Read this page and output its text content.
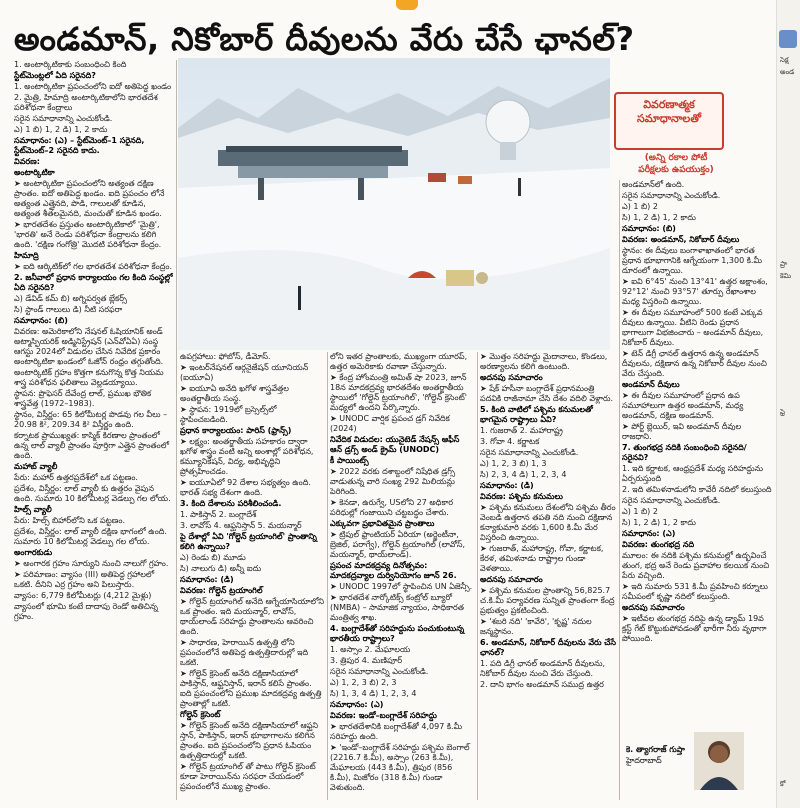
అండమాన్, నికోబార్ దీవులను వేరు చేసే ఛానల్?
వివరణాత్మక
సమాధానాలతో
(అన్ని రకాల పోటీ
పరీక్షలకు ఉపయుక్తం)

1. అంటార్కిటికాకు సంబంధించి కింది

స్టేట్‌మెంట్లలో ఏది సరైనది?

1. అంటార్కిటికా ప్రపంచంలోని ఐదో అతిపెద్ద ఖండం

2. మైత్రి, హిమాద్రి అంటార్కిటికాలోని భారతదేశ పరిశోధనా కేంద్రాలు

సరైన సమాధానాన్ని ఎంచుకోండి.

ఎ) 1 బి) 1, 2 డి) 1, 2 కాదు

సమాధానం: (ఎ) – స్టేట్‌మెంట్–1 సరైనది, స్టేట్‌మెంట్–2 సరైనది కాదు.

వివరణ:

అంటార్కిటికా

➤ అంటార్కిటికా ప్రపంచంలోని అత్యంత దక్షిణ ప్రాంతం. ఐదో అతిపెద్ద ఖండం. ఐది ప్రపంచం లోనే అత్యంత ఎత్తైనది, పొడి, గాలులతో కూడిన, అత్యంత శీతలమైనది, మంచుతో కూడిన ఖండం.

➤ భారతదేశం ప్రస్తుతం అంటార్కిటికాలో 'మైత్రి', 'భారతి' అనే రెండు పరిశోధనా కేంద్రాలను కలిగి ఉంది. 'దక్షిణ గంగోత్రి' మొదటి పరిశోధనా కేంద్రం.

హిమాద్రి

➤ ఐది ఆర్కిటిక్‌లో గల భారతదేశ పరిశోధనా కేంద్రం.

2. జనీవాలో ప్రధాన కార్యాలయం గల కింది సంస్థల్లో ఏది సరైనది?

ఎ) డేవిడ్ కమ్ బి) అగ్నిపర్వత బ్లేకర్స్

సి) స్టాండ్ గాలులు డి) నీటి సరఫరా

సమాధానం: (బి)

వివరణ: అమెరికాలోని నేషనల్ ఓషియానిక్ అండ్ అట్మాస్ఫియరిక్ అడ్మినిస్ట్రేషన్ (ఎన్‌వోఏఏ) సంస్థ ఆగస్టు 2024లో విడుదల చేసిన నివేదిక ప్రకారం అంటార్కిటికా ఖండంలో ఓజోన్ రంధ్రం తగ్గుతోంది.

అంటార్కిటిక్ గ్రహం కొత్తగా కనుగొన్న కొత్త నియమ శాస్త్ర పరిశోధన ఫలితాలు వెల్లడయ్యాయి.

స్థాపన: ప్రొఫెసర్ దేవేంద్ర లాల్, ప్రముఖ భౌతిక శాస్త్రవేత్త (1972–1983).

స్థానం, విస్తీర్ణం: 65 కిలోమీటర్ల పొడవు గల వీలు – 20.98 కి², 209.34 కి² విస్తీర్ణం ఉంది.

కర్నాటక ప్రాముఖ్యత: కాస్మిక్ కిరణాల ప్రాంతంలో ఉన్న లాల్ వ్యాలీ ప్రాంతం పూర్తిగా ఎత్తైన ప్రాంతంలో ఉంది.

మహాబ్ వ్యాలీ

పేరు: మహార్ ఉత్తరప్రదేశ్‌లో ఒక పట్టణం.

ప్రదేశం, విస్తీర్ణం: లాల్ వ్యాలీ కు ఉత్తరం వైపున ఉంది. సుమారు 10 కిలోమీటర్ల వెడల్పు గల లోయ.

హిల్స్ వ్యాలీ

పేరు: హిల్స్‌ బిహార్‌లోని ఒక పట్టణం.

ప్రదేశం, విస్తీర్ణం: లాల్ వ్యాలీ దక్షిణ భాగంలో ఉంది. సుమారు 10 కిలోమీటర్ల వెడల్పు గల లోయ.

అంగారకుడు

➤ అంగారక గ్రహం సూర్యుని నుంచి నాలుగో గ్రహం.

➤ పరిమాణం: వ్యాసం (III) అతిపెద్ద గ్రహాలలో ఒకటి. దీనిని ఎర్ర గ్రహం అని పిలుస్తారు.

వ్యాసం: 6,779 కిలోమీటర్లు (4,212 మైళ్లు)

వ్యాసంలో భూమి కంటే దాదాపు రెండో అతిచిన్న గ్రహం.

ఉపగ్రహాలు: ఫోబోస్, డీమోస్.

➤ ఇంటర్‌నేషనల్ ఆర్గనైజేషన్ యూనియన్ (ఐయూఏ)

➤ ఐయూఏ అనేది ఖగోళ శాస్త్రవేత్తల అంతర్జాతీయ సంస్థ.

➤ స్థాపన: 1919లో బ్రస్సెల్స్‌లో స్థాపించబడింది.

ప్రధాన కార్యాలయం: పారిస్ (ఫ్రాన్స్)

➤ లక్ష్యం: అంతర్జాతీయ సహకారం ద్వారా ఖగోళ శాస్త్రం వంటి అన్ని అంశాల్లో పరిశోధన, కమ్యూనికేషన్, విద్య, అభివృద్ధిని ప్రోత్సహించడం.

➤ ఐయూఏలో 92 దేశాల సభ్యత్వం ఉంది. భారత్ సభ్య దేశంగా ఉంది.

3. కింది దేశాలను పరిశీలించండి.

1. పాకిస్తాన్ 2. బంగ్లాదేశ్

3. లావోస్ 4. ఆఫ్ఘనిస్తాన్ 5. మయన్మార్

పై దేశాల్లో ఏవి 'గోల్డెన్ ట్రయాంగిల్' ప్రాంతాన్ని కలిగి ఉన్నాయి?

ఎ) రెండు బి) మూడు

సి) నాలుగు డి) అన్నీ ఐదు

సమాధానం: (డి)

వివరణ: గోల్డెన్ ట్రయాంగిల్

➤ గోల్డెన్ ట్రయాంగిల్ అనేది ఆగ్నేయాసియాలోని ఒక ప్రాంతం. ఇది మయన్మార్, లావోస్, థాయ్‌లాండ్‌ సరిహద్దు ప్రాంతాలను ఆవరించి ఉంది.

➤ సాధారణ, హెరాయిన్ ఉత్పత్తి లోని ప్రపంచంలోనే అతిపెద్ద ఉత్పత్తిదారుల్లో ఇది ఒకటి.

➤ గోల్డెన్ క్రెసెంట్ అనేది దక్షిణాసియాలో పాకిస్తాన్, ఆఫ్ఘనిస్తాన్, ఇరాన్ కలిసే ప్రాంతం. ఐది ప్రపంచంలోని ప్రముఖ మాదకద్రవ్య ఉత్పత్తి ప్రాంతాల్లో ఒకటి.

గోల్డెన్ క్రెసెంట్

➤ గోల్డెన్ క్రెసెంట్ అనేది దక్షిణాసియాలో ఆఫ్ఘని స్తాన్, పాకిస్తాన్, ఇరాన్ భూభాగాలను కలిగిన ప్రాంతం. ఐది ప్రపంచంలోని ప్రధాన ఓపియం ఉత్పత్తిదారుల్లో ఒకటి.

➤ గోల్డెన్ ట్రయాంగిల్ తో పాటు గోల్డెన్ క్రెసెంట్ కూడా హెరాయిన్‌ను సరఫరా చేయడంలో ప్రపంచంలోనే ముఖ్య ప్రాంతం.

లోని ఇతర ప్రాంతాలకు, ముఖ్యంగా యూరప్, ఉత్తర అమెరికాకు రవాణా చేస్తున్నారు.

➤ కేంద్ర హోంమంత్రి అమిత్ షా 2023, జూన్ 18న మాదకద్రవ్య భారతదేశం అంతర్జాతీయ స్థాయిలో 'గోల్డెన్ ట్రయాంగిల్', 'గోల్డెన్ క్రెసెంట్' మధ్యలో ఉందని పేర్కొన్నారు.

➤ UNODC వార్షిక ప్రపంచ డ్రగ్ నివేదిక (2024)

నివేదిక విడుదల: యునైటెడ్ నేషన్స్ ఆఫీస్ ఆన్ డ్రగ్స్ అండ్ క్రైమ్ (UNODC)

కీ పాయింట్స్

➤ 2022 వరకు దశాబ్దంలో నిషేధిత డ్రగ్స్ వాడుతున్న వారి సంఖ్య 292 మిలియన్లు పెరిగింది.

➤ కెనడా, ఉరుగ్వే, USలోని 27 అధికార పరిధుల్లో గంజాయిని చట్టబద్ధం చేశారు.

ఎక్కువగా ప్రభావితమైన ప్రాంతాలు

➤ ట్రిపుల్ ఫ్రాంటియర్ ఏరియా (అర్జెంటీనా, బ్రెజిల్, పరాగ్వే), గోల్డెన్ ట్రయాంగిల్ (లావోస్, మయన్మార్, థాయ్‌లాండ్).

ప్రపంచ మాదకద్రవ్య దినోత్సవం: మాదకద్రవ్యాల దుర్వినియోగం జూన్ 26.

➤ UNODC 1997లో స్థాపించిన UN ఏజెన్సీ.

➤ భారతదేశ నార్కోటిక్స్ కంట్రోల్ బ్యూరో (NMBA) – సామాజిక న్యాయం, సాధికారత మంత్రిత్వ శాఖ.

4. బంగ్లాదేశ్‌తో సరిహద్దును పంచుకుంటున్న భారతీయ రాష్ట్రాలు?

1. అస్సాం 2. మేఘాలయ

3. త్రిపుర 4. మణిపూర్

సరైన సమాధానాన్ని ఎంచుకోండి.

ఎ) 1, 2, 3 బి) 2, 3

సి) 1, 3, 4 డి) 1, 2, 3, 4

సమాధానం: (ఎ)

వివరణ: ఇండో–బంగ్లాదేశ్ సరిహద్దు

➤ భారతదేశానికి బంగ్లాదేశ్‌తో 4,097 కి.మీ సరిహద్దు ఉంది.

➤ 'ఇండో–బంగ్లాదేశ్ సరిహద్దు పశ్చిమ బెంగాల్ (2216.7 కి.మీ), అస్సాం (263 కి.మీ), మేఘాలయ (443 కి.మీ), త్రిపుర (856 కి.మీ), మిజోరం (318 కి.మీ) గుండా వెళుతుంది.

➤ మొత్తం సరిహద్దు మైదానాలు, కొండలు, అరణ్యాలను కలిగి ఉంటుంది.

అదనపు సమాచారం

➤ షేక్ హసీనా బంగ్లాదేశ్ ప్రధానమంత్రి పదవికి రాజీనామా చేసి దేశం వదిలి వెళ్లారు.

5. కింది వాటిలో పశ్చిమ కనుమలతో భాగమైన రాష్ట్రాలు ఏవి?

1. గుజరాత్ 2. మహారాష్ట్ర

3. గోవా 4. కర్ణాటక

సరైన సమాధానాన్ని ఎంచుకోండి.

ఎ) 1, 2, 3 బి) 1, 3

సి) 2, 3, 4 డి) 1, 2, 3, 4

సమాధానం: (డి)

వివరణ: పశ్చిమ కనుమలు

➤ పశ్చిమ కనుమలు దేశంలోని పశ్చిమ తీరం వెంబడి ఉత్తరాన తపతి నది నుంచి దక్షిణాన కన్యాకుమారి వరకు 1,600 కి.మీ మేర విస్తరించి ఉన్నాయి.

➤ గుజరాత్, మహారాష్ట్ర, గోవా, కర్ణాటక, కేరళ, తమిళనాడు రాష్ట్రాల గుండా వెళతాయి.

అదనపు సమాచారం

➤ పశ్చిమ కనుమల ప్రాంతాన్ని 56,825.7 చ.కి.మీ పర్యావరణ సున్నిత ప్రాంతంగా కేంద్ర ప్రభుత్వం ప్రకటించింది.

➤ 'శబరి నది' 'కావేరి', 'కృష్ణ' నదుల జన్మస్థానం.

6. అండమాన్, నికోబార్ దీవులను వేరు చేసే ఛానల్?

1. పది డిగ్రీ ఛానల్ అండమాన్ దీవులను, నికోబార్ దీవుల నుంచి వేరు చేస్తుంది.

2. దాని భాగం అండమాన్ సముద్ర ఉత్తర

అండమాన్‌లో ఉంది.

సరైన సమాధానాన్ని ఎంచుకోండి.

ఎ) 1 బి) 2

సి) 1, 2 డి) 1, 2 కాదు

సమాధానం: (బి)

వివరణ: అండమాన్, నికోబార్ దీవులు

స్థానం: ఈ దీవులు బంగాళాఖాతంలో భారత ప్రధాన భూభాగానికి ఆగ్నేయంగా 1,300 కి.మీ దూరంలో ఉన్నాయి.

➤ ఐవి 6°45' నుంచి 13°41' ఉత్తర అక్షాంశం, 92°12' నుంచి 93°57' తూర్పు రేఖాంశాల మధ్య విస్తరించి ఉన్నాయి.

➤ ఈ దీవుల సమూహంలో 500 కంటే ఎక్కువ దీవులు ఉన్నాయి. వీటిని రెండు ప్రధాన భాగాలుగా విభజించారు – అండమాన్ దీవులు, నికోబార్ దీవులు.

➤ టెన్ డిగ్రీ ఛానల్ ఉత్తరాన ఉన్న అండమాన్ దీవులను, దక్షిణాన ఉన్న నికోబార్ దీవుల నుంచి వేరు చేస్తుంది.

అండమాన్ దీవులు

➤ ఈ దీవుల సమూహంలో ప్రధాన ఉప సమూహాలుగా ఉత్తర అండమాన్, మధ్య అండమాన్, దక్షిణ అండమాన్.

➤ పోర్ట్ బ్లెయిర్, ఇవి అండమాన్ దీవుల రాజధాని.

7. తుంగభద్ర నదికి సంబంధించి సరైనది/సరైనవి?

1. ఇది కర్ణాటక, ఆంధ్రప్రదేశ్ మధ్య సరిహద్దును ఏర్పరుస్తుంది

2. ఇది తమిళనాడులోని కావేరీ నదిలో కలుస్తుంది

సరైన సమాధానాన్ని ఎంచుకోండి.

ఎ) 1 బి) 2

సి) 1, 2 డి) 1, 2 కాదు

సమాధానం: (ఎ)

వివరణ: తుంగభద్ర నది

మూలం: ఈ నదికి పశ్చిమ కనుమల్లో ఉద్భవించే తుంగ, భద్ర అనే రెండు ప్రవాహాల కలయిక నుంచి పేరు వచ్చింది.

➤ ఇది సుమారు 531 కి.మీ ప్రవహించి కర్నూలు సమీపంలో కృష్ణా నదిలో కలుస్తుంది.

అదనపు సమాచారం

➤ ఇటీవల తుంగభద్ర నదిపై ఉన్న డ్యామ్ 19వ క్రస్ట్ గేట్ కొట్టుకుపోవడంతో భారీగా నీరు వృథాగా పోయింది.

కె. త్యాగరాజ్ గుప్తా
హైదరాబాద్
సెక్ష
అండ
ప్రా
కెమి
ఫ్రె
కో
